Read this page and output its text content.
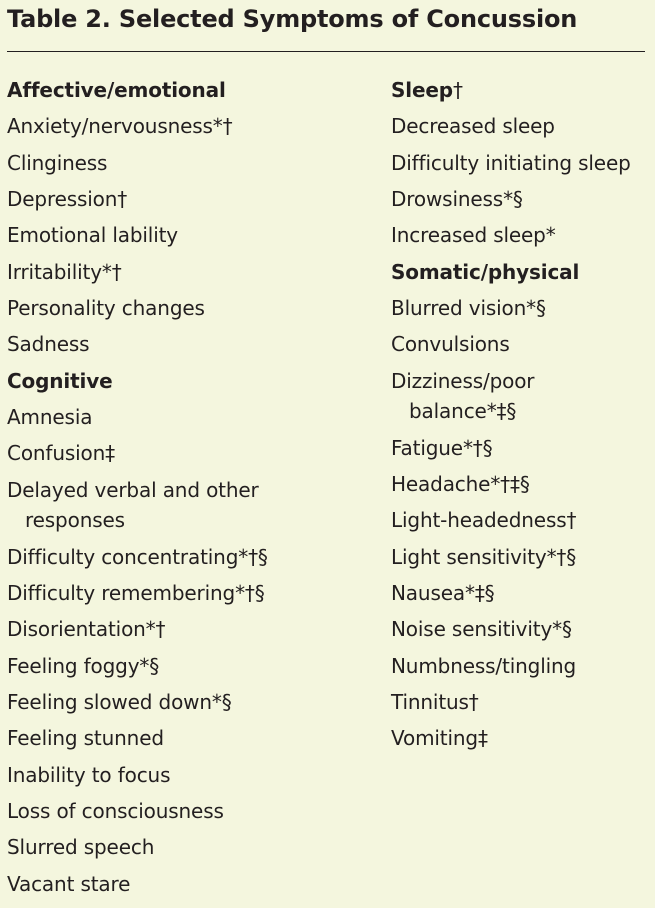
Table 2. Selected Symptoms of Concussion
Affective/emotional
Anxiety/nervousness*†
Clinginess
Depression†
Emotional lability
Irritability*†
Personality changes
Sadness
Cognitive
Amnesia
Confusion‡
Delayed verbal and other responses
Difficulty concentrating*†§
Difficulty remembering*†§
Disorientation*†
Feeling foggy*§
Feeling slowed down*§
Feeling stunned
Inability to focus
Loss of consciousness
Slurred speech
Vacant stare
Sleep†
Decreased sleep
Difficulty initiating sleep
Drowsiness*§
Increased sleep*
Somatic/physical
Blurred vision*§
Convulsions
Dizziness/poor balance*‡§
Fatigue*†§
Headache*†‡§
Light-headedness†
Light sensitivity*†§
Nausea*‡§
Noise sensitivity*§
Numbness/tingling
Tinnitus†
Vomiting‡
